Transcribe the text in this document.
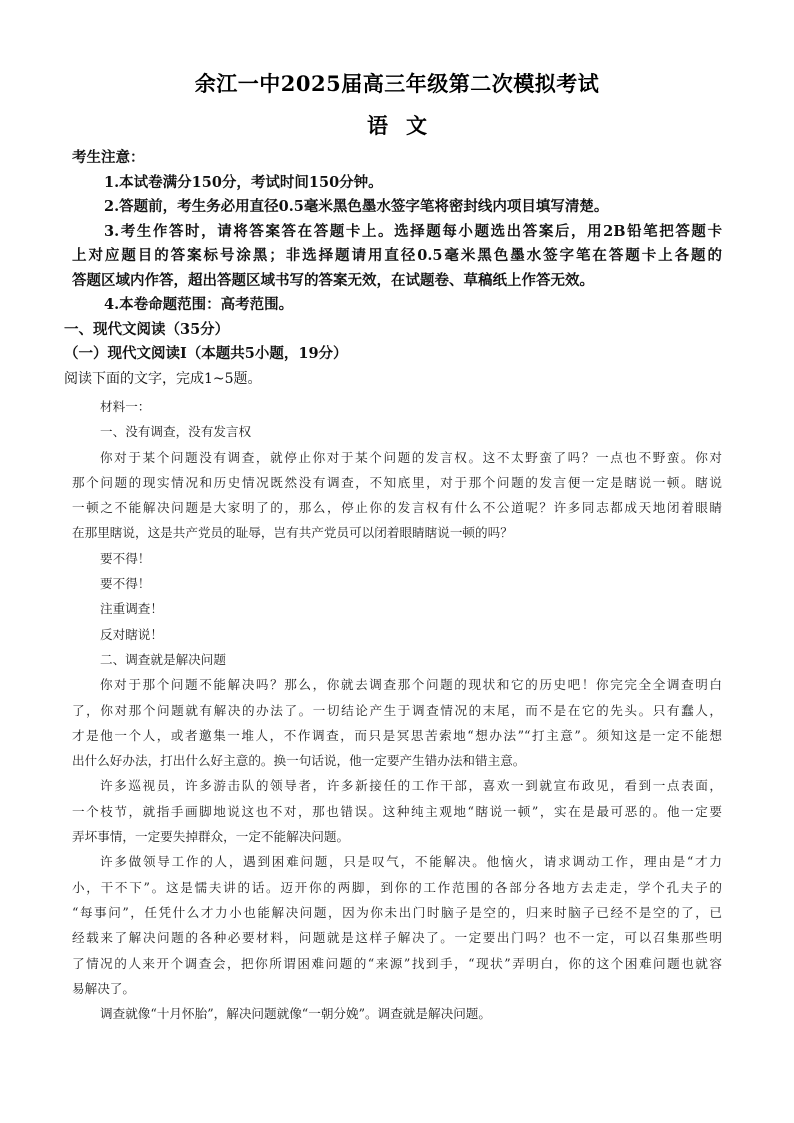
余江一中2025届高三年级第二次模拟考试
语文
考生注意：
1.本试卷满分150分，考试时间150分钟。
2.答题前，考生务必用直径0.5毫米黑色墨水签字笔将密封线内项目填写清楚。
3.考生作答时，请将答案答在答题卡上。选择题每小题选出答案后，用2B铅笔把答题卡
上对应题目的答案标号涂黑；非选择题请用直径0.5毫米黑色墨水签字笔在答题卡上各题的
答题区域内作答，超出答题区域书写的答案无效，在试题卷、草稿纸上作答无效。
4.本卷命题范围：高考范围。
一、现代文阅读（35分）
（一）现代文阅读Ⅰ（本题共5小题，19分）
阅读下面的文字，完成1~5题。
材料一：
一、没有调查，没有发言权
你对于某个问题没有调查，就停止你对于某个问题的发言权。这不太野蛮了吗？一点也不野蛮。你对
那个问题的现实情况和历史情况既然没有调查，不知底里，对于那个问题的发言便一定是瞎说一顿。瞎说
一顿之不能解决问题是大家明了的，那么，停止你的发言权有什么不公道呢？许多同志都成天地闭着眼睛
在那里瞎说，这是共产党员的耻辱，岂有共产党员可以闭着眼睛瞎说一顿的吗？
要不得！
要不得！
注重调查！
反对瞎说！
二、调查就是解决问题
你对于那个问题不能解决吗？那么，你就去调查那个问题的现状和它的历史吧！你完完全全调查明白
了，你对那个问题就有解决的办法了。一切结论产生于调查情况的末尾，而不是在它的先头。只有蠢人，
才是他一个人，或者邀集一堆人，不作调查，而只是冥思苦索地“想办法”“打主意”。须知这是一定不能想
出什么好办法，打出什么好主意的。换一句话说，他一定要产生错办法和错主意。
许多巡视员，许多游击队的领导者，许多新接任的工作干部，喜欢一到就宣布政见，看到一点表面，
一个枝节，就指手画脚地说这也不对，那也错误。这种纯主观地“瞎说一顿”，实在是最可恶的。他一定要
弄坏事情，一定要失掉群众，一定不能解决问题。
许多做领导工作的人，遇到困难问题，只是叹气，不能解决。他恼火，请求调动工作，理由是“才力
小，干不下”。这是懦夫讲的话。迈开你的两脚，到你的工作范围的各部分各地方去走走，学个孔夫子的
“每事问”，任凭什么才力小也能解决问题，因为你未出门时脑子是空的，归来时脑子已经不是空的了，已
经载来了解决问题的各种必要材料，问题就是这样子解决了。一定要出门吗？也不一定，可以召集那些明
了情况的人来开个调查会，把你所谓困难问题的“来源”找到手，“现状”弄明白，你的这个困难问题也就容
易解决了。
调查就像“十月怀胎”，解决问题就像“一朝分娩”。调查就是解决问题。
